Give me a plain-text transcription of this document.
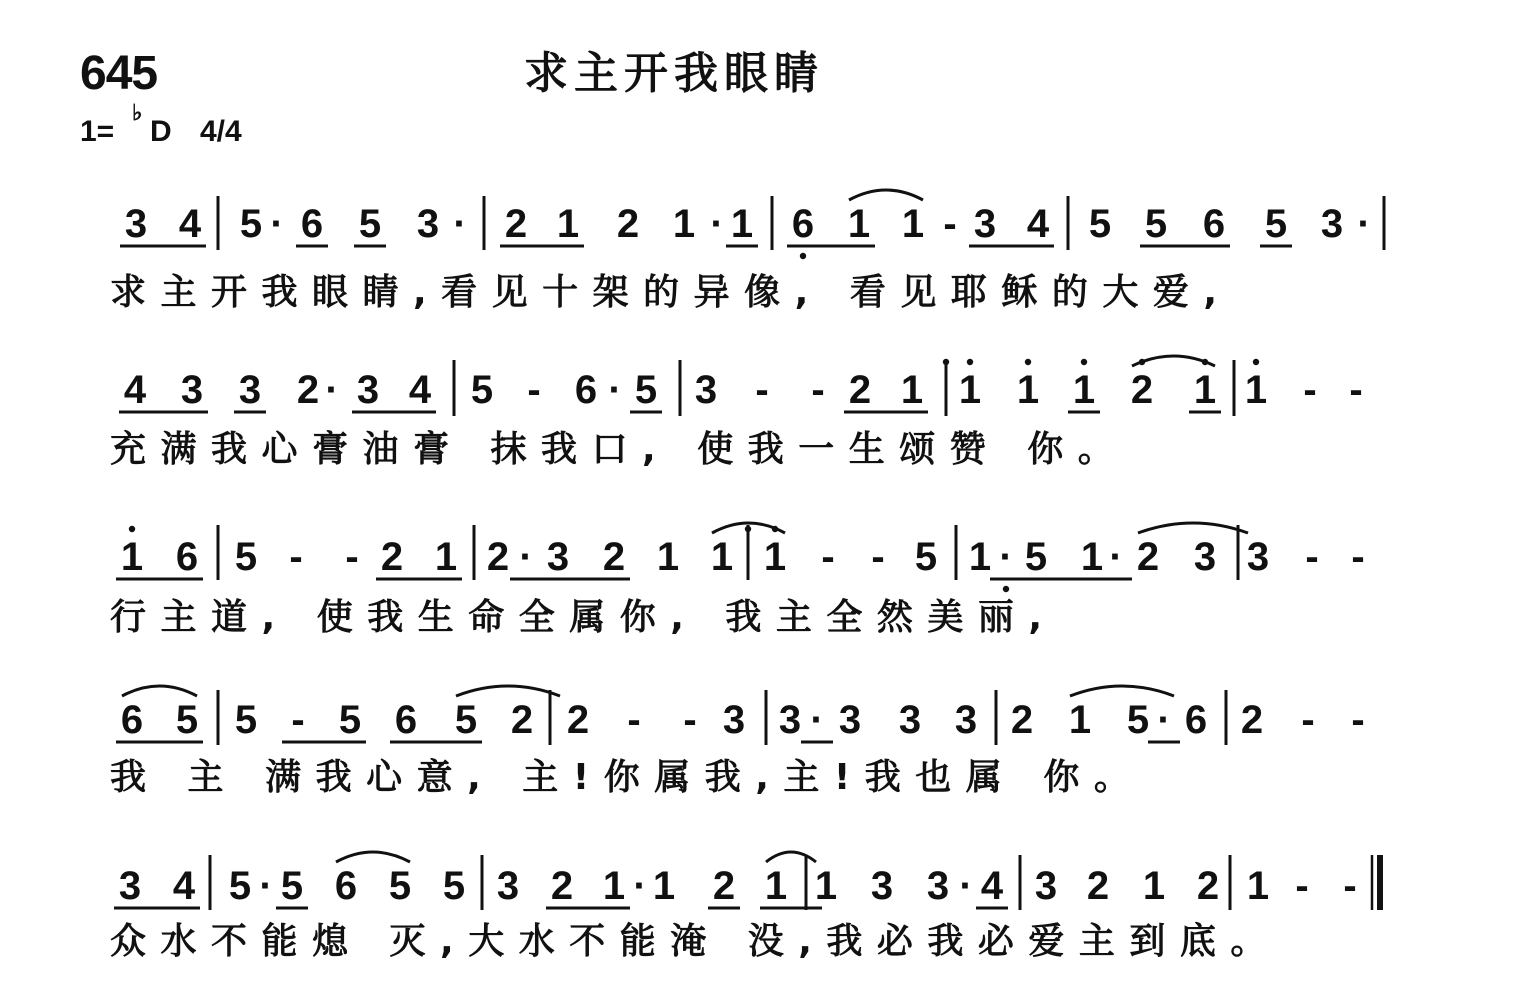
645	求主开我眼睛
1=
♭
D 4/4
3 4 5 · 6 5 3 · 2 1 2 1 · 1 6 1 1 - 3 4 5 5 6 5 3 ·
求主开我眼睛,看见十架的异像, 看见耶稣的大爱,
4 3 3 2 · 3 4 5 - 6 · 5 3 -	- 2 1 1 1 1 2 1 1 - -
充满我心膏油膏 抹我口, 使我一生颂赞 你。
1 6 5 -	- 2 1 2 · 3 2 1 1 1 - - 5 1 · 5 1 · 2 3 3 - -
行主道, 使我生命全属你, 我主全然美丽,
6 5 5 - 5 6 5 2 2 -	- 3 3 · 3 3 3 2 1 5 · 6 2 - -
我 主 满我心意, 主!你属我,主!我也属 你。
3 4 5 · 5 6 5 5 3 2 1 · 1 2 1 1 3 3 · 4 3 2 1 2 1 - -
众水不能熄 灭,大水不能淹 没,我必我必爱主到底。
